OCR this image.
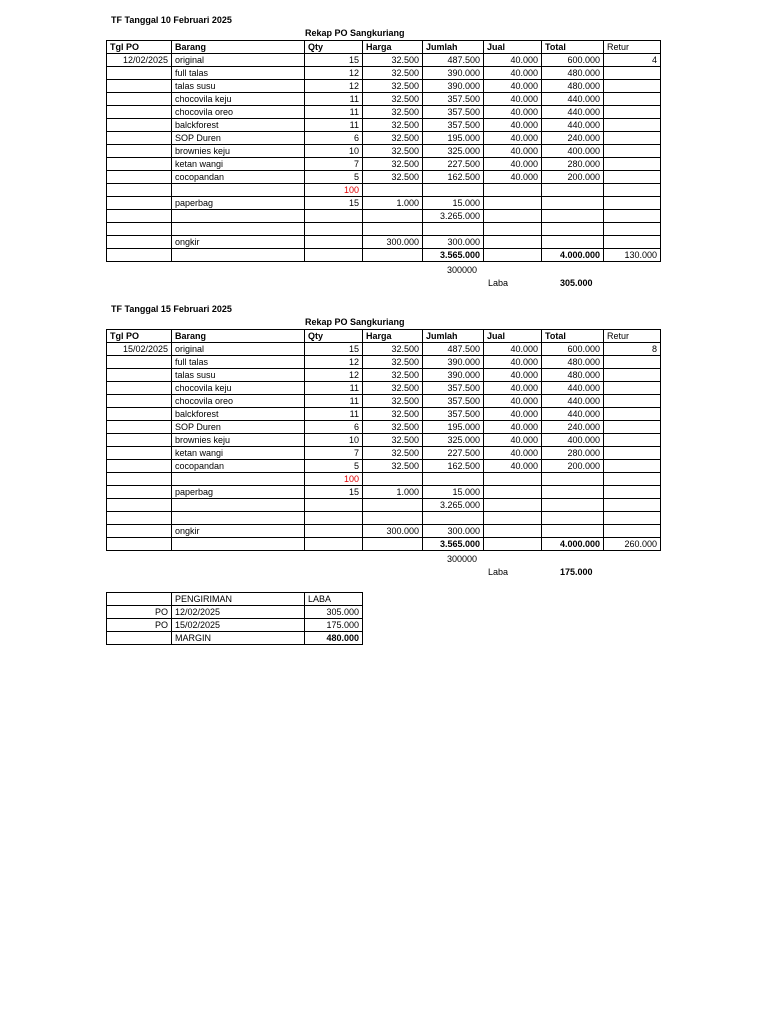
TF Tanggal 10 Februari 2025
Rekap PO Sangkuriang
Tgl PO	Barang	Qty	Harga	Jumlah	Jual	Total	Retur
12/02/2025	original	15	32.500	487.500	40.000	600.000	4
	full talas	12	32.500	390.000	40.000	480.000	
	talas susu	12	32.500	390.000	40.000	480.000	
	chocovila keju	11	32.500	357.500	40.000	440.000	
	chocovila oreo	11	32.500	357.500	40.000	440.000	
	balckforest	11	32.500	357.500	40.000	440.000	
	SOP Duren	6	32.500	195.000	40.000	240.000	
	brownies keju	10	32.500	325.000	40.000	400.000	
	ketan wangi	7	32.500	227.500	40.000	280.000	
	cocopandan	5	32.500	162.500	40.000	200.000	
		100					
	paperbag	15	1.000	15.000			
				3.265.000			

	ongkir		300.000	300.000			
				3.565.000		4.000.000	130.000
300000
Laba	305.000
TF Tanggal 15 Februari 2025
Rekap PO Sangkuriang
Tgl PO	Barang	Qty	Harga	Jumlah	Jual	Total	Retur
15/02/2025	original	15	32.500	487.500	40.000	600.000	8
	full talas	12	32.500	390.000	40.000	480.000	
	talas susu	12	32.500	390.000	40.000	480.000	
	chocovila keju	11	32.500	357.500	40.000	440.000	
	chocovila oreo	11	32.500	357.500	40.000	440.000	
	balckforest	11	32.500	357.500	40.000	440.000	
	SOP Duren	6	32.500	195.000	40.000	240.000	
	brownies keju	10	32.500	325.000	40.000	400.000	
	ketan wangi	7	32.500	227.500	40.000	280.000	
	cocopandan	5	32.500	162.500	40.000	200.000	
		100					
	paperbag	15	1.000	15.000			
				3.265.000			

	ongkir		300.000	300.000			
				3.565.000		4.000.000	260.000
300000
Laba	175.000
	PENGIRIMAN	LABA
PO	12/02/2025	305.000
PO	15/02/2025	175.000
	MARGIN	480.000
